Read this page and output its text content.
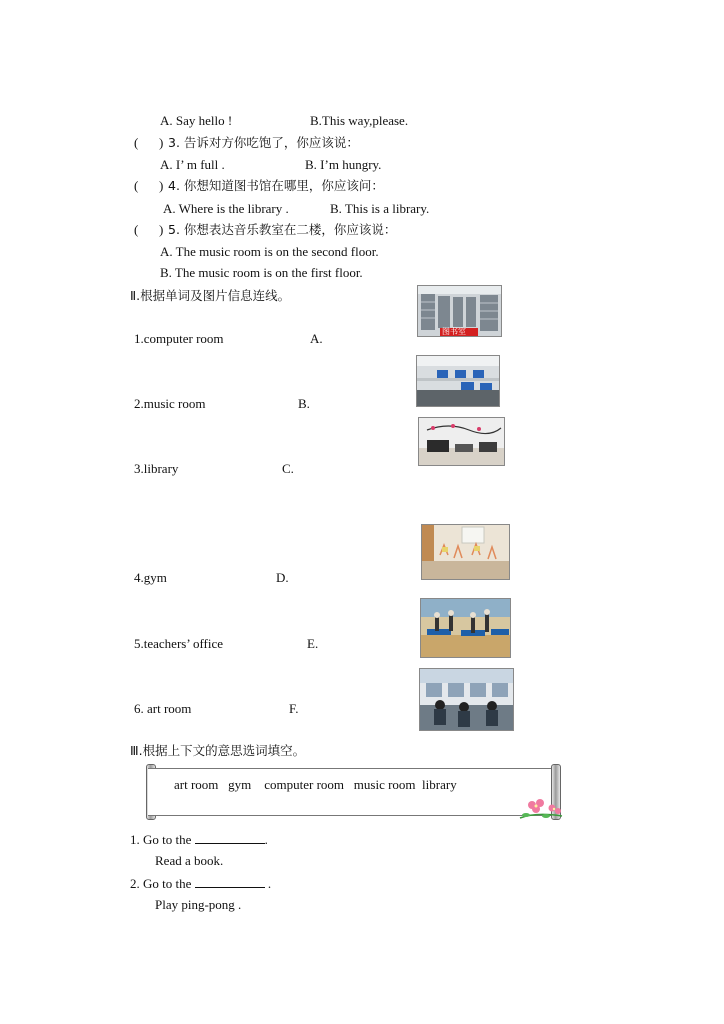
A. Say hello !	B.This way,please.
( ) 3. 告诉对方你吃饱了，你应该说：
A. I’ m full .	B. I’m hungry.
( ) 4. 你想知道图书馆在哪里，你应该问：
A. Where is the library .	B. This is a library.
( ) 5. 你想表达音乐教室在二楼，你应该说：
A. The music room is on the second floor.
B. The music room is on the first floor.
Ⅱ.根据单词及图片信息连线。
1.computer room	A.
2.music room	B.
3.library	C.
4.gym	D.
5.teachers’ office	E.
6. art room	F.
图书室
Ⅲ.根据上下文的意思选词填空。
art room   gym    computer room   music room  library
1. Go to the	.
Read a book.
2. Go to the	.
Play ping-pong .
